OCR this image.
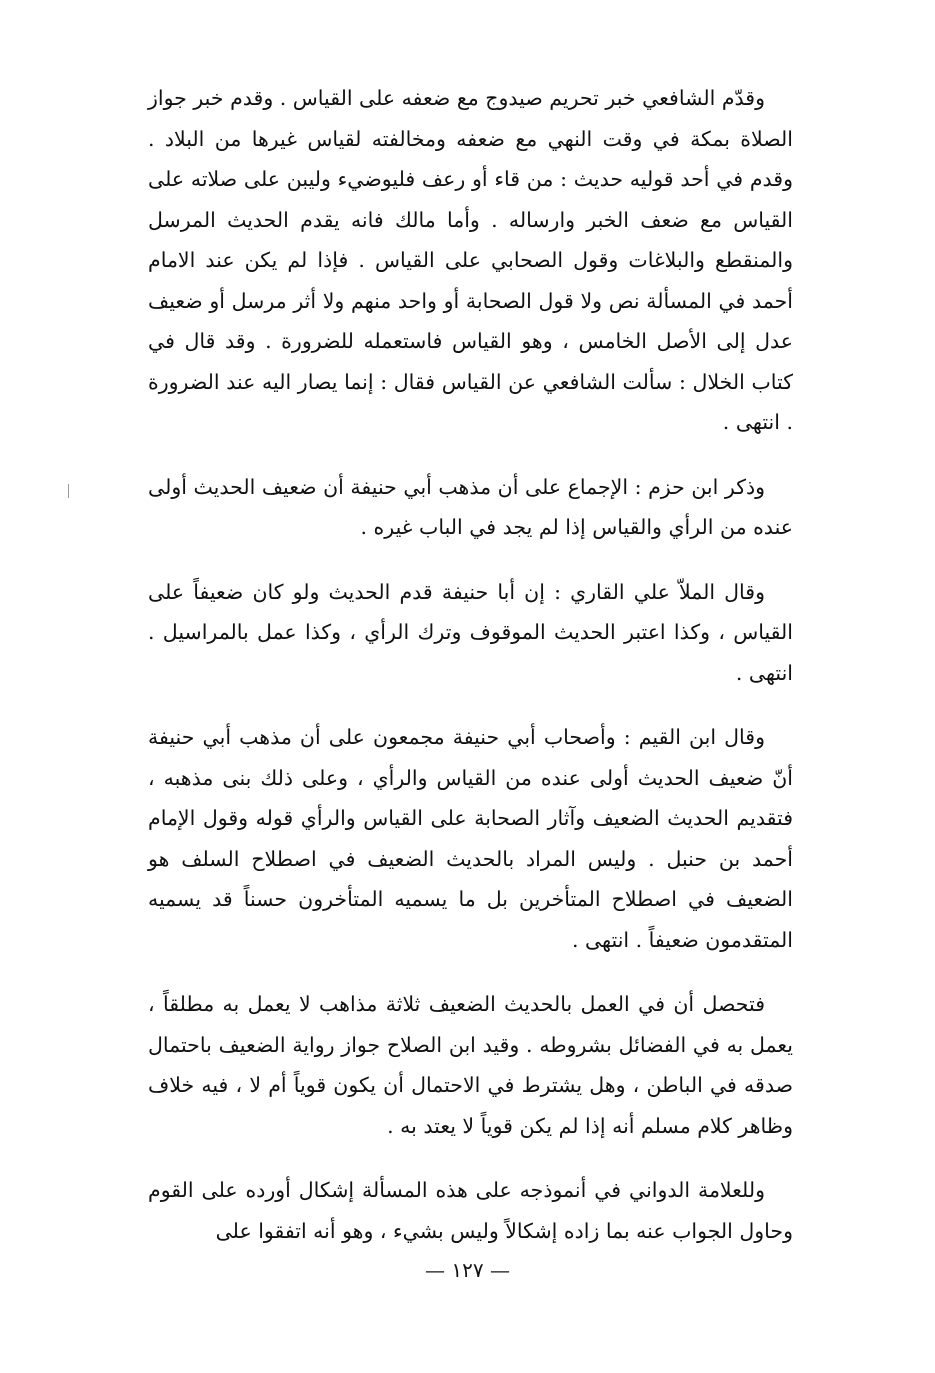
وقدّم الشافعي خبر تحريم صيدوج مع ضعفه على القياس . وقدم خبر جواز الصلاة بمكة في وقت النهي مع ضعفه ومخالفته لقياس غيرها من البلاد . وقدم في أحد قوليه حديث : من قاء أو رعف فليوضيء وليبن على صلاته على القياس مع ضعف الخبر وارساله . وأما مالك فانه يقدم الحديث المرسل والمنقطع والبلاغات وقول الصحابي على القياس . فإذا لم يكن عند الامام أحمد في المسألة نص ولا قول الصحابة أو واحد منهم ولا أثر مرسل أو ضعيف عدل إلى الأصل الخامس ، وهو القياس فاستعمله للضرورة . وقد قال في كتاب الخلال : سألت الشافعي عن القياس فقال : إنما يصار اليه عند الضرورة . انتهى .

وذكر ابن حزم : الإجماع على أن مذهب أبي حنيفة أن ضعيف الحديث أولى عنده من الرأي والقياس إذا لم يجد في الباب غيره .

وقال الملاّ علي القاري : إن أبا حنيفة قدم الحديث ولو كان ضعيفاً على القياس ، وكذا اعتبر الحديث الموقوف وترك الرأي ، وكذا عمل بالمراسيل . انتهى .

وقال ابن القيم : وأصحاب أبي حنيفة مجمعون على أن مذهب أبي حنيفة أنّ ضعيف الحديث أولى عنده من القياس والرأي ، وعلى ذلك بنى مذهبه ، فتقديم الحديث الضعيف وآثار الصحابة على القياس والرأي قوله وقول الإمام أحمد بن حنبل . وليس المراد بالحديث الضعيف في اصطلاح السلف هو الضعيف في اصطلاح المتأخرين بل ما يسميه المتأخرون حسناً قد يسميه المتقدمون ضعيفاً . انتهى .

فتحصل أن في العمل بالحديث الضعيف ثلاثة مذاهب لا يعمل به مطلقاً ، يعمل به في الفضائل بشروطه . وقيد ابن الصلاح جواز رواية الضعيف باحتمال صدقه في الباطن ، وهل يشترط في الاحتمال أن يكون قوياً أم لا ، فيه خلاف وظاهر كلام مسلم أنه إذا لم يكن قوياً لا يعتد به .

وللعلامة الدواني في أنموذجه على هذه المسألة إشكال أورده على القوم وحاول الجواب عنه بما زاده إشكالاً وليس بشيء ، وهو أنه اتفقوا على

— ١٢٧ —
